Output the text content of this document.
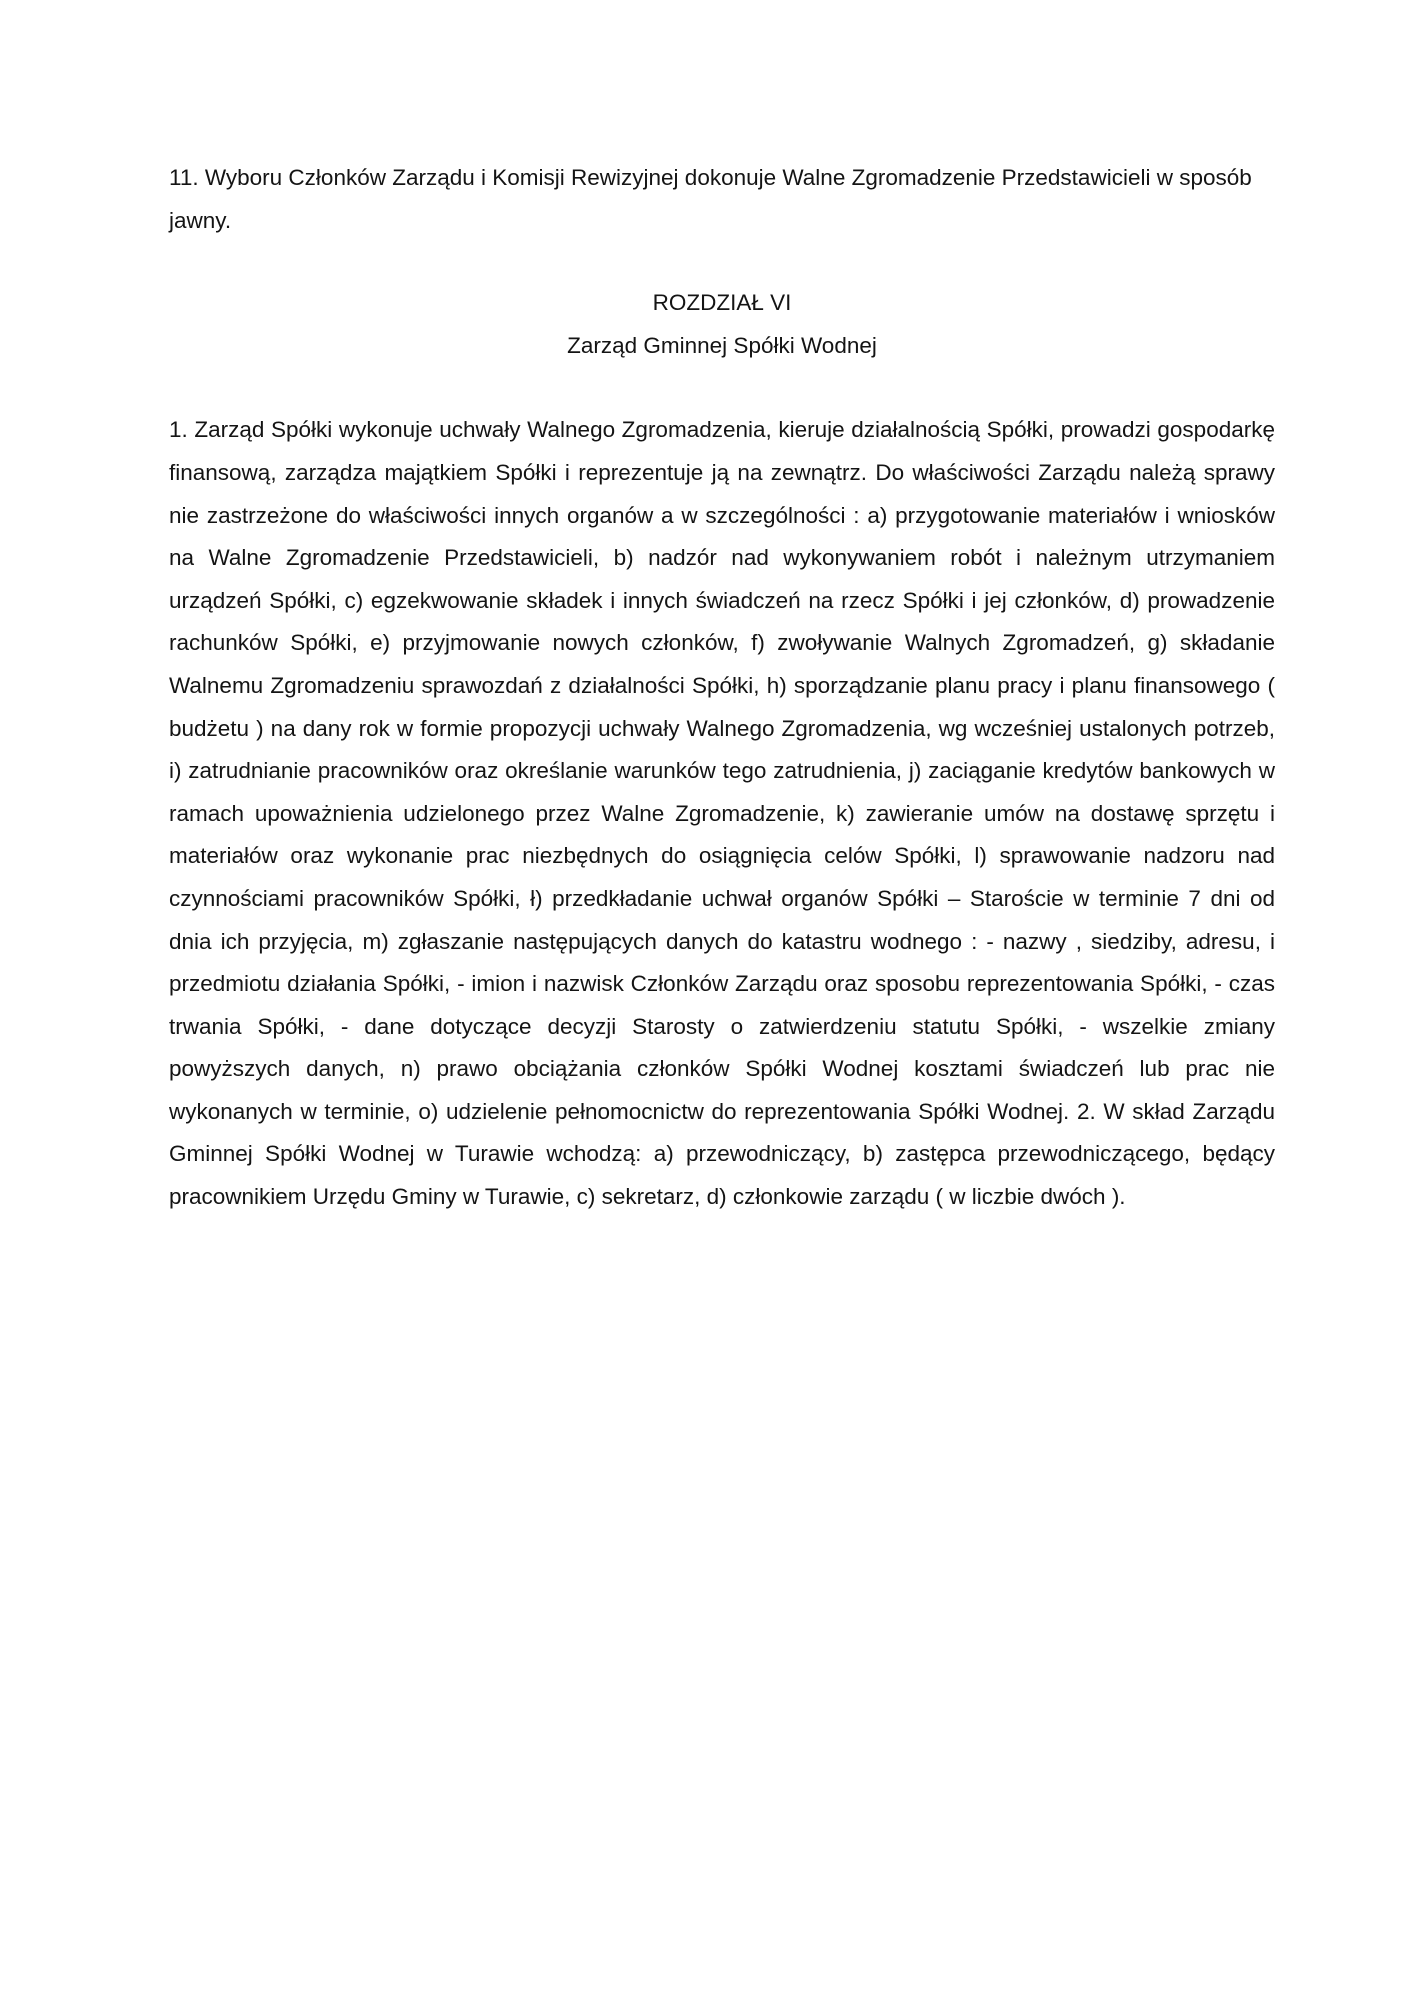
11. Wyboru Członków Zarządu i Komisji Rewizyjnej dokonuje Walne Zgromadzenie Przedstawicieli w sposób jawny.

ROZDZIAŁ VI
Zarząd Gminnej Spółki Wodnej

1. Zarząd Spółki wykonuje uchwały Walnego Zgromadzenia, kieruje działalnością Spółki, prowadzi gospodarkę finansową, zarządza majątkiem Spółki i reprezentuje ją na zewnątrz. Do właściwości Zarządu należą sprawy nie zastrzeżone do właściwości innych organów a w szczególności : a) przygotowanie materiałów i wniosków na Walne Zgromadzenie Przedstawicieli, b) nadzór nad wykonywaniem robót i należnym utrzymaniem urządzeń Spółki, c) egzekwowanie składek i innych świadczeń na rzecz Spółki i jej członków, d) prowadzenie rachunków Spółki, e) przyjmowanie nowych członków, f) zwoływanie Walnych Zgromadzeń, g) składanie Walnemu Zgromadzeniu sprawozdań z działalności Spółki, h) sporządzanie planu pracy i planu finansowego ( budżetu ) na dany rok w formie propozycji uchwały Walnego Zgromadzenia, wg wcześniej ustalonych potrzeb, i) zatrudnianie pracowników oraz określanie warunków tego zatrudnienia, j) zaciąganie kredytów bankowych w ramach upoważnienia udzielonego przez Walne Zgromadzenie, k) zawieranie umów na dostawę sprzętu i materiałów oraz wykonanie prac niezbędnych do osiągnięcia celów Spółki, l) sprawowanie nadzoru nad czynnościami pracowników Spółki, ł) przedkładanie uchwał organów Spółki – Staroście w terminie 7 dni od dnia ich przyjęcia, m) zgłaszanie następujących danych do katastru wodnego : - nazwy , siedziby, adresu, i przedmiotu działania Spółki, - imion i nazwisk Członków Zarządu oraz sposobu reprezentowania Spółki, - czas trwania Spółki, - dane dotyczące decyzji Starosty o zatwierdzeniu statutu Spółki, - wszelkie zmiany powyższych danych, n) prawo obciążania członków Spółki Wodnej kosztami świadczeń lub prac nie wykonanych w terminie, o) udzielenie pełnomocnictw do reprezentowania Spółki Wodnej. 2. W skład Zarządu Gminnej Spółki Wodnej w Turawie wchodzą: a) przewodniczący, b) zastępca przewodniczącego, będący pracownikiem Urzędu Gminy w Turawie, c) sekretarz, d) członkowie zarządu ( w liczbie dwóch ).
